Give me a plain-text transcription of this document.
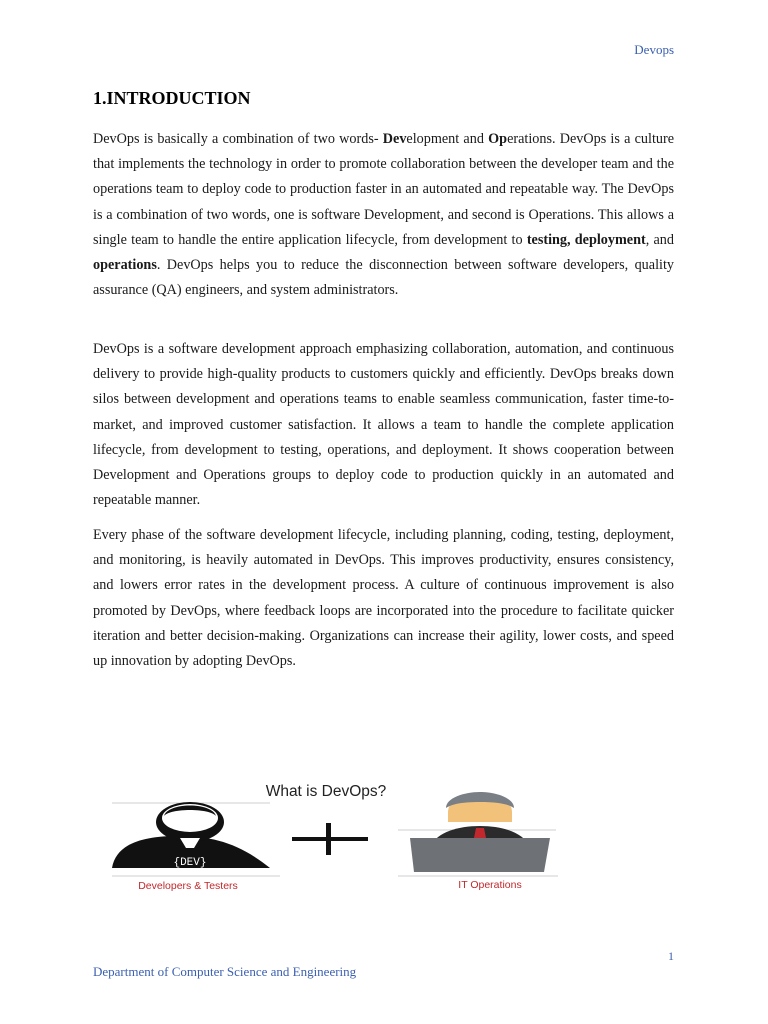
Devops
1.INTRODUCTION

DevOps is basically a combination of two words- Development and Operations. DevOps is a culture that implements the technology in order to promote collaboration between the developer team and the operations team to deploy code to production faster in an automated and repeatable way. The DevOps is a combination of two words, one is software Development, and second is Operations. This allows a single team to handle the entire application lifecycle, from development to testing, deployment, and operations. DevOps helps you to reduce the disconnection between software developers, quality assurance (QA) engineers, and system administrators.

DevOps is a software development approach emphasizing collaboration, automation, and continuous delivery to provide high-quality products to customers quickly and efficiently. DevOps breaks down silos between development and operations teams to enable seamless communication, faster time-to-market, and improved customer satisfaction. It allows a team to handle the complete application lifecycle, from development to testing, operations, and deployment. It shows cooperation between Development and Operations groups to deploy code to production quickly in an automated and repeatable manner.

Every phase of the software development lifecycle, including planning, coding, testing, deployment, and monitoring, is heavily automated in DevOps. This improves productivity, ensures consistency, and lowers error rates in the development process. A culture of continuous improvement is also promoted by DevOps, where feedback loops are incorporated into the procedure to facilitate quicker iteration and better decision-making. Organizations can increase their agility, lower costs, and speed up innovation by adopting DevOps.

What is DevOps?
{DEV}
Developers & Testers	IT Operations
1
Department of Computer Science and Engineering
